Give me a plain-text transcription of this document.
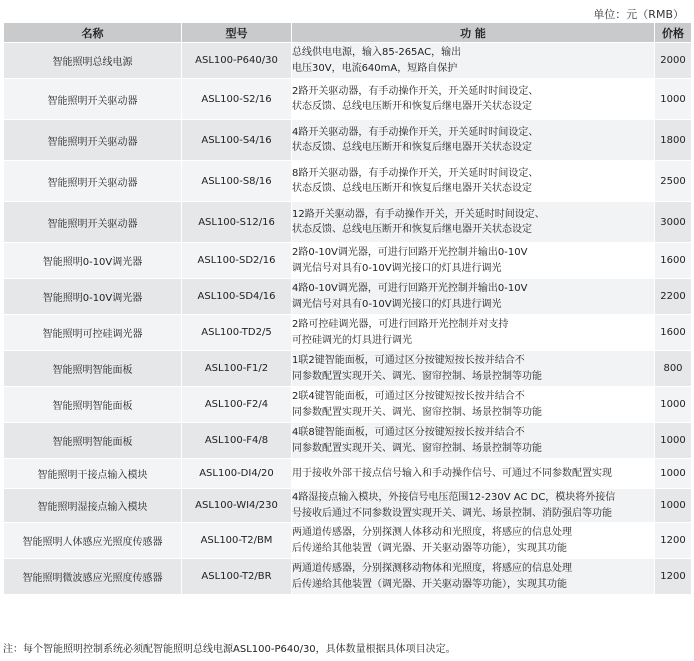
单位：元（RMB）
名称	型号	功 能	价格
智能照明总线电源	ASL100-P640/30	总线供电电源，输入85-265AC，输出
电压30V，电流640mA，短路自保护	2000
智能照明开关驱动器	ASL100-S2/16	2路开关驱动器，有手动操作开关，开关延时时间设定、
状态反馈、总线电压断开和恢复后继电器开关状态设定	1000
智能照明开关驱动器	ASL100-S4/16	4路开关驱动器，有手动操作开关，开关延时时间设定、
状态反馈、总线电压断开和恢复后继电器开关状态设定	1800
智能照明开关驱动器	ASL100-S8/16	8路开关驱动器，有手动操作开关，开关延时时间设定、
状态反馈、总线电压断开和恢复后继电器开关状态设定	2500
智能照明开关驱动器	ASL100-S12/16	12路开关驱动器，有手动操作开关，开关延时时间设定、
状态反馈、总线电压断开和恢复后继电器开关状态设定	3000
智能照明0-10V调光器	ASL100-SD2/16	2路0-10V调光器，可进行回路开光控制并输出0-10V
调光信号对具有0-10V调光接口的灯具进行调光	1600
智能照明0-10V调光器	ASL100-SD4/16	4路0-10V调光器，可进行回路开光控制并输出0-10V
调光信号对具有0-10V调光接口的灯具进行调光	2200
智能照明可控硅调光器	ASL100-TD2/5	2路可控硅调光器，可进行回路开光控制并对支持
可控硅调光的灯具进行调光	1600
智能照明智能面板	ASL100-F1/2	1联2键智能面板，可通过区分按键短按长按并结合不
同参数配置实现开关、调光、窗帘控制、场景控制等功能	800
智能照明智能面板	ASL100-F2/4	2联4键智能面板，可通过区分按键短按长按并结合不
同参数配置实现开关、调光、窗帘控制、场景控制等功能	1000
智能照明智能面板	ASL100-F4/8	4联8键智能面板，可通过区分按键短按长按并结合不
同参数配置实现开关、调光、窗帘控制、场景控制等功能	1000
智能照明干接点输入模块	ASL100-DI4/20	用于接收外部干接点信号输入和手动操作信号、可通过不同参数配置实现	1000
智能照明湿接点输入模块	ASL100-WI4/230	4路湿接点输入模块，外接信号电压范围12-230V AC DC，模块将外接信
号接收后通过不同参数设置实现开关、调光、场景控制、消防强启等功能	1000
智能照明人体感应光照度传感器	ASL100-T2/BM	两通道传感器，分别探测人体移动和光照度，将感应的信息处理
后传递给其他装置（调光器、开关驱动器等功能），实现其功能	1200
智能照明微波感应光照度传感器	ASL100-T2/BR	两通道传感器，分别探测移动物体和光照度，将感应的信息处理
后传递给其他装置（调光器、开关驱动器等功能），实现其功能	1200
注：每个智能照明控制系统必须配智能照明总线电源ASL100-P640/30，具体数量根据具体项目决定。
